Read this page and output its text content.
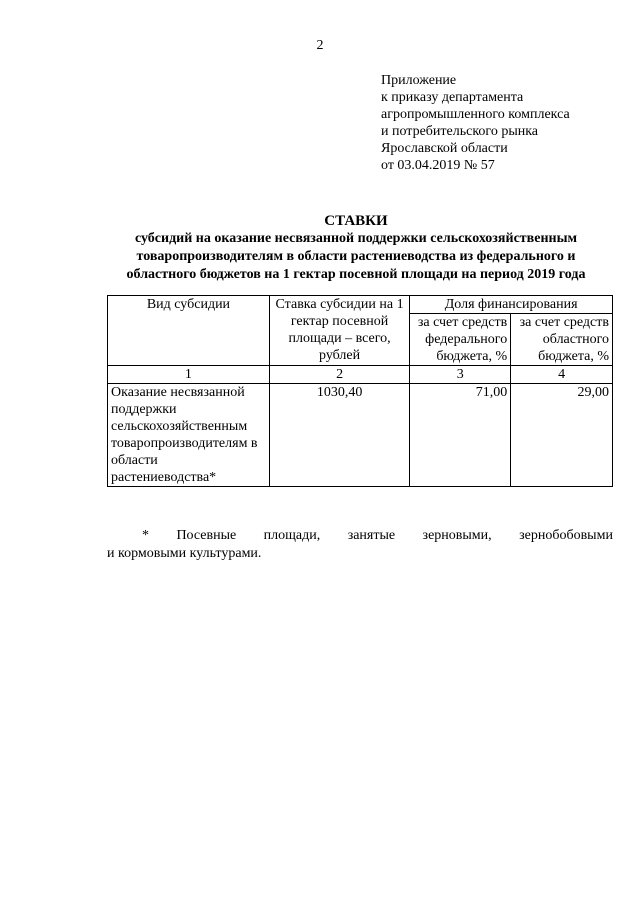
2
Приложение
к приказу департамента
агропромышленного комплекса
и потребительского рынка
Ярославской области
от 03.04.2019 № 57
СТАВКИ
субсидий на оказание несвязанной поддержки сельскохозяйственным
товаропроизводителям в области растениеводства из федерального и
областного бюджетов на 1 гектар посевной площади на период 2019 года
Вид субсидии	Ставка субсидии на 1 гектар посевной площади – всего, рублей	Доля финансирования	
		за счет средств федерального бюджета, %	за счет средств областного бюджета, %
1	2	3	4
Оказание несвязанной поддержки сельскохозяйственным товаропроизводителям в области растениеводства*	1030,40	71,00	29,00
* Посевные площади, занятые зерновыми, зернобобовыми
и кормовыми культурами.
